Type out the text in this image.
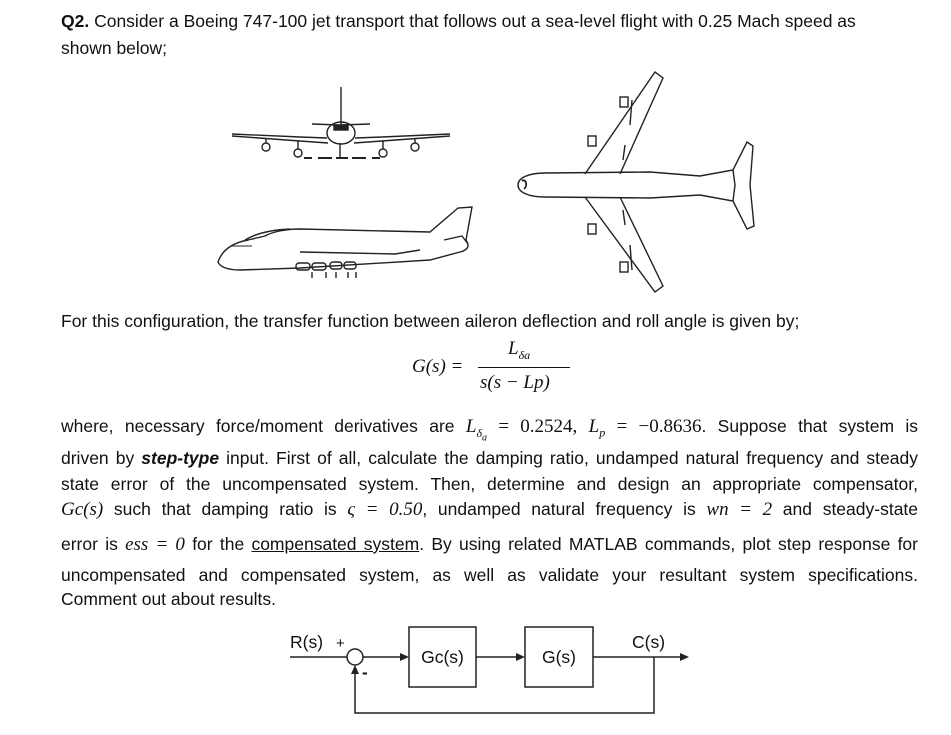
Q2. Consider a Boeing 747-100 jet transport that follows out a sea-level flight with 0.25 Mach speed as
shown below;
For this configuration, the transfer function between aileron deflection and roll angle is given by;
G(s) =
$L_{\delta a}$
s(s − Lp)
where, necessary force/moment derivatives are $L_{\delta_a} = 0.2524$, $L_p = -0.8636$. Suppose that system is
driven by step-type input. First of all, calculate the damping ratio, undamped natural frequency and steady
state error of the uncompensated system. Then, determine and design an appropriate compensator,
Gc(s) such that damping ratio is ς = 0.50, undamped natural frequency is wn = 2 and steady-state
error is ess = 0 for the compensated system. By using related MATLAB commands, plot step response for
uncompensated and compensated system, as well as validate your resultant system specifications.
Comment out about results.
R(s) +
-
Gc(s)	G(s)
C(s)
